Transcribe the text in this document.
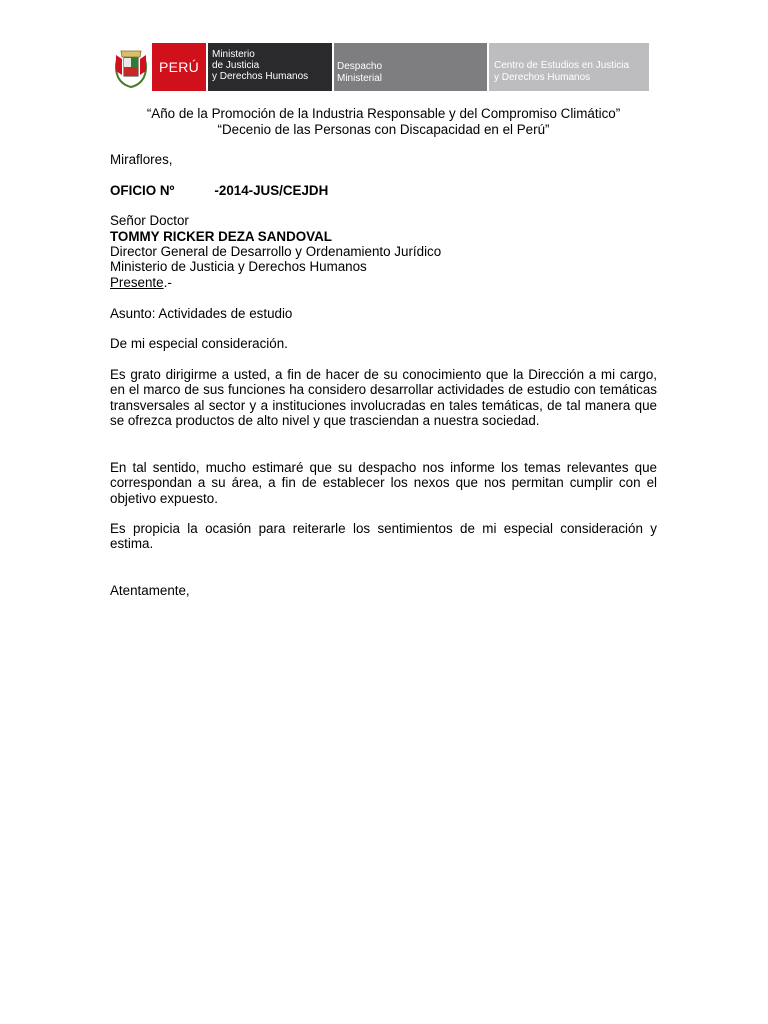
PERÚ
Ministerio
de Justicia
y Derechos Humanos
Despacho
Ministerial
Centro de Estudios en Justicia
y Derechos Humanos
“Año de la Promoción de la Industria Responsable y del Compromiso Climático”
“Decenio de las Personas con Discapacidad en el Perú”
Miraflores,
OFICIO Nº	-2014-JUS/CEJDH
Señor Doctor
TOMMY RICKER DEZA SANDOVAL
Director General de Desarrollo y Ordenamiento Jurídico
Ministerio de Justicia y Derechos Humanos
Presente.-
Asunto: Actividades de estudio
De mi especial consideración.
Es grato dirigirme a usted, a fin de hacer de su conocimiento que la Dirección a mi cargo, en el marco de sus funciones ha considero desarrollar actividades de estudio con temáticas transversales al sector y a instituciones involucradas en tales temáticas, de tal manera que se ofrezca productos de alto nivel y que trasciendan a nuestra sociedad.
En tal sentido, mucho estimaré que su despacho nos informe los temas relevantes que correspondan a su área, a fin de establecer los nexos que nos permitan cumplir con el objetivo expuesto.
Es propicia la ocasión para reiterarle los sentimientos de mi especial consideración y estima.
Atentamente,
